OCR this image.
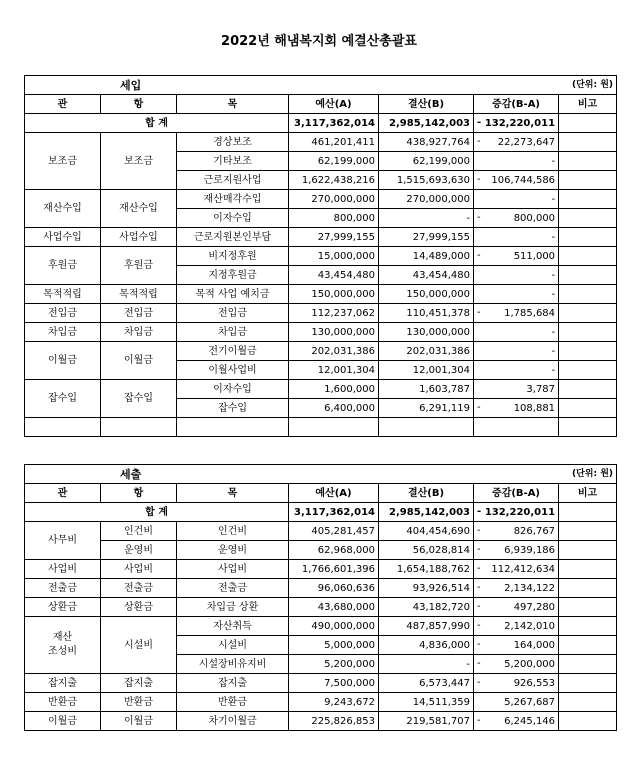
2022년 해냄복지회 예결산총괄표
세입						(단위: 원)
관	항	목	예산(A)	결산(B)	증감(B-A)	비고
합 계			3,117,362,014	2,985,142,003	- 132,220,011	
보조금	보조금	경상보조	461,201,411	438,927,764	- 22,273,647	
		기타보조	62,199,000	62,199,000	-	
		근로지원사업	1,622,438,216	1,515,693,630	- 106,744,586	
재산수입	재산수입	재산매각수입	270,000,000	270,000,000	-	
		이자수입	800,000	-	- 800,000	
사업수입	사업수입	근로지원본인부담	27,999,155	27,999,155	-	
후원금	후원금	비지정후원	15,000,000	14,489,000	- 511,000	
		지정후원금	43,454,480	43,454,480	-	
목적적립	목적적립	목적 사업 예치금	150,000,000	150,000,000	-	
전입금	전입금	전입금	112,237,062	110,451,378	- 1,785,684	
차입금	차입금	차입금	130,000,000	130,000,000	-	
이월금	이월금	전기이월금	202,031,386	202,031,386	-	
		이월사업비	12,001,304	12,001,304	-	
잡수입	잡수입	이자수입	1,600,000	1,603,787	3,787	
		잡수입	6,400,000	6,291,119	- 108,881	

세출						(단위: 원)
관	항	목	예산(A)	결산(B)	증감(B-A)	비고
합 계			3,117,362,014	2,985,142,003	- 132,220,011	
사무비	인건비	인건비	405,281,457	404,454,690	- 826,767	
	운영비	운영비	62,968,000	56,028,814	- 6,939,186	
사업비	사업비	사업비	1,766,601,396	1,654,188,762	- 112,412,634	
전출금	전출금	전출금	96,060,636	93,926,514	- 2,134,122	
상환금	상환금	차입금 상환	43,680,000	43,182,720	- 497,280	
재산
조성비	시설비	자산취득	490,000,000	487,857,990	- 2,142,010	
		시설비	5,000,000	4,836,000	- 164,000	
		시설장비유지비	5,200,000	-	- 5,200,000	
잡지출	잡지출	잡지출	7,500,000	6,573,447	- 926,553	
반환금	반환금	반환금	9,243,672	14,511,359	5,267,687	
이월금	이월금	차기이월금	225,826,853	219,581,707	- 6,245,146	
